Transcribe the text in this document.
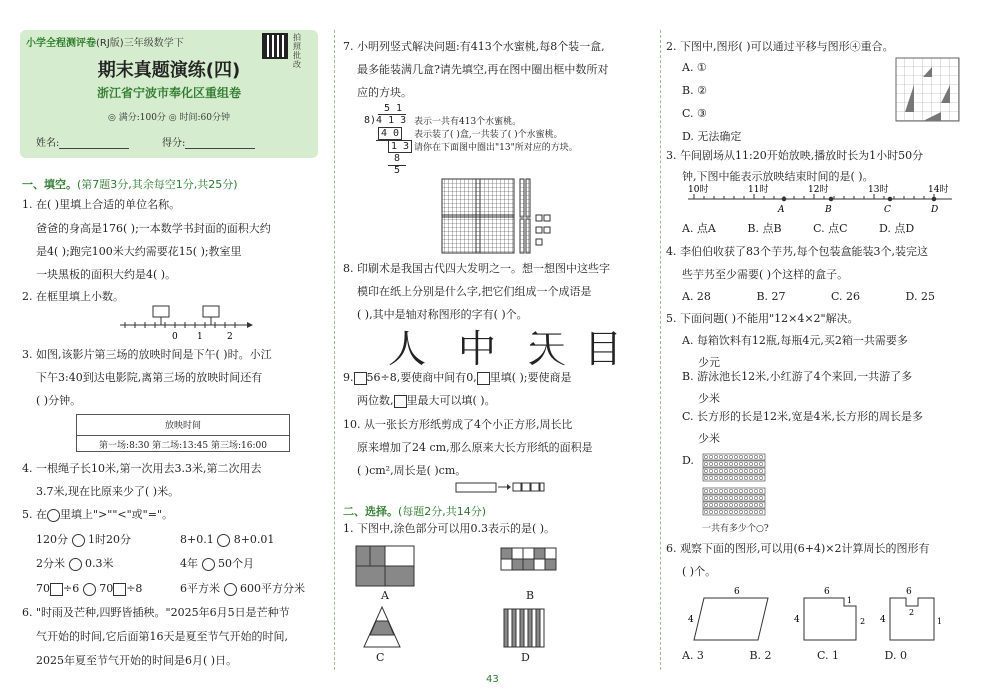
小学全程测评卷(RJ版)三年级数学下
拍照批改
期末真题演练(四)
浙江省宁波市奉化区重组卷
◎ 满分:100分 ◎ 时间:60分钟
姓名:	得分:
一、填空。(第7题3分,其余每空1分,共25分)
1. 在( )里填上合适的单位名称。
爸爸的身高是176( );一本数学书封面的面积大约
是4( );跑完100米大约需要花15( );教室里
一块黑板的面积大约是4( )。
2. 在框里填上小数。
0 1	2
3. 如图,该影片第三场的放映时间是下午( )时。小江
下午3:40到达电影院,离第三场的放映时间还有
( )分钟。
放映时间
第一场:8:30 第二场:13:45 第三场:16:00
4. 一根绳子长10米,第一次用去3.3米,第二次用去
3.7米,现在比原来少了( )米。
5. 在 里填上">""<"或"="。
120分 1时20分	8+0.1 8+0.01
2分米 0.3米	4年 50个月
70 ÷6 70 ÷8	6平方米 600平方分米
6. "时雨及芒种,四野皆插秧。"2025年6月5日是芒种节
气开始的时间,它后面第16天是夏至节气开始的时间,
2025年夏至节气开始的时间是6月( )日。
7. 小明列竖式解决问题:有413个水蜜桃,每8个装一盒,
最多能装满几盒?请先填空,再在图中圈出框中数所对
应的方块。
5 1
8)4 1 3
4 0
1 3
8
5
表示一共有413个水蜜桃。
表示装了( )盒,一共装了( )个水蜜桃。
请你在下面图中圈出"13"所对应的方块。
8. 印刷术是我国古代四大发明之一。想一想图中这些字
模印在纸上分别是什么字,把它们组成一个成语是
( ),其中是轴对称图形的字有( )个。
人 中 天 目
9. 56÷8,要使商中间有0, 里填( );要使商是
两位数, 里最大可以填( )。
10. 从一张长方形纸剪成了4个小正方形,周长比
原来增加了24 cm,那么原来大长方形纸的面积是
( )cm²,周长是( )cm。
二、选择。(每题2分,共14分)
1. 下图中,涂色部分可以用0.3表示的是( )。
A	B
C	D
2. 下图中,图形( )可以通过平移与图形④重合。
A. ①
B. ②
C. ③
D. 无法确定
3. 午间剧场从11:20开始放映,播放时长为1小时50分
钟,下图中能表示放映结束时间的是( )。
10时	11时	12时	13时	14时
A	B	C	D
A. 点A	B. 点B	C. 点C	D. 点D
4. 李伯伯收获了83个芋艿,每个包装盒能装3个,装完这
些芋艿至少需要( )个这样的盒子。
A. 28	B. 27	C. 26	D. 25
5. 下面问题( )不能用"12×4×2"解决。
A. 每箱饮料有12瓶,每瓶4元,买2箱一共需要多
少元
B. 游泳池长12米,小红游了4个来回,一共游了多
少米
C. 长方形的长是12米,宽是4米,长方形的周长是多
少米
D.
一共有多少个○?
6. 观察下面的图形,可以用(6+4)×2计算周长的图形有
( )个。
6
4
6
4
1
2
6
4
2
1
A. 3	B. 2	C. 1	D. 0
43
